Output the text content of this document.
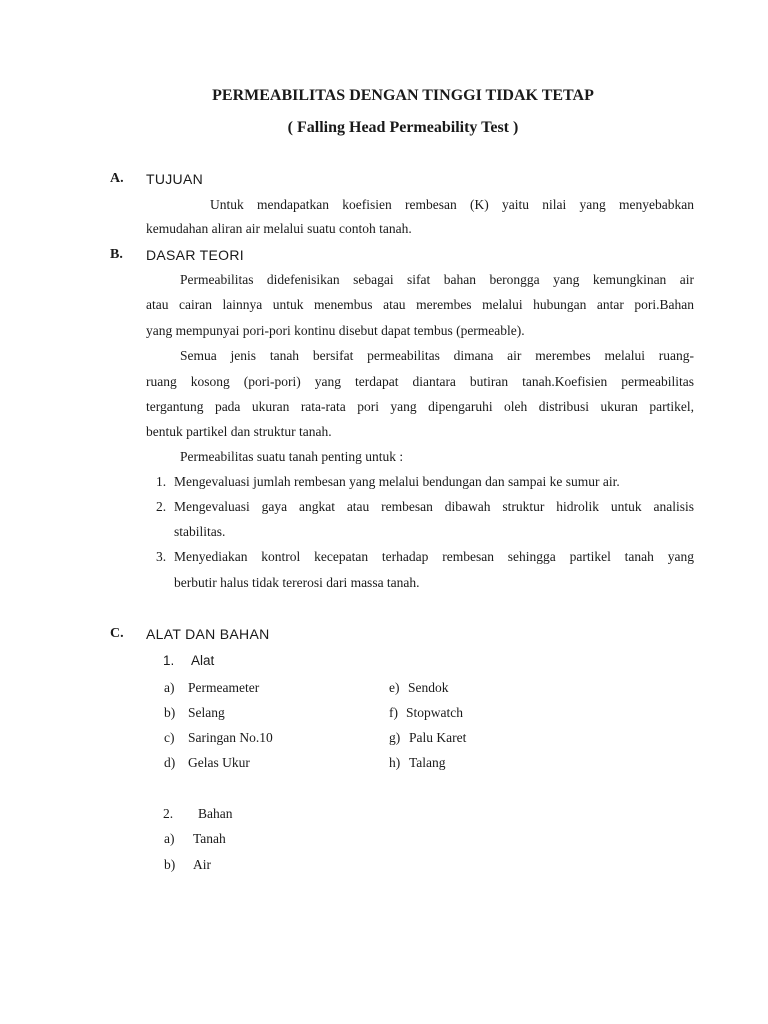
PERMEABILITAS DENGAN TINGGI TIDAK TETAP
( Falling Head Permeability Test )
A. TUJUAN
Untuk mendapatkan koefisien rembesan (K) yaitu nilai yang menyebabkan
kemudahan aliran air melalui suatu contoh tanah.
B. DASAR TEORI
Permeabilitas didefenisikan sebagai sifat bahan berongga yang kemungkinan air
atau cairan lainnya untuk menembus atau merembes melalui hubungan antar pori.Bahan
yang mempunyai pori-pori kontinu disebut dapat tembus (permeable).
Semua jenis tanah bersifat permeabilitas dimana air merembes melalui ruang-
ruang kosong (pori-pori) yang terdapat diantara butiran tanah.Koefisien permeabilitas
tergantung pada ukuran rata-rata pori yang dipengaruhi oleh distribusi ukuran partikel,
bentuk partikel dan struktur tanah.
Permeabilitas suatu tanah penting untuk :
1. Mengevaluasi jumlah rembesan yang melalui bendungan dan sampai ke sumur air.
2. Mengevaluasi gaya angkat atau rembesan dibawah struktur hidrolik untuk analisis
stabilitas.
3. Menyediakan kontrol kecepatan terhadap rembesan sehingga partikel tanah yang
berbutir halus tidak tererosi dari massa tanah.
C. ALAT DAN BAHAN
1. Alat
a) Permeameter
b) Selang
c) Saringan No.10
d) Gelas Ukur
e) Sendok
f) Stopwatch
g) Palu Karet
h) Talang
2. Bahan
a) Tanah
b) Air
